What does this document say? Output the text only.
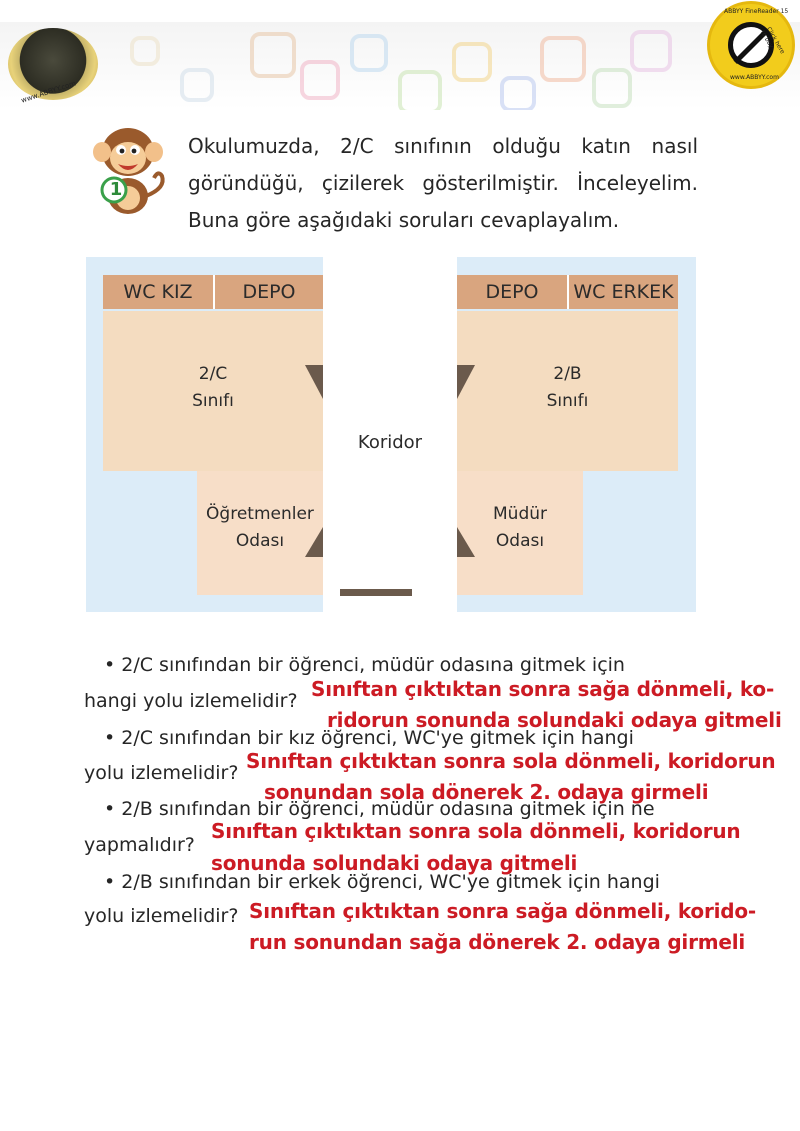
www.ABBYY.com
ABBYY FineReader 15
Click here to buy
www.ABBYY.com
1
Okulumuzda, 2/C sınıfının olduğu katın nasıl göründüğü, çizilerek gösterilmiştir. İnceleyelim. Buna göre aşağıdaki soruları cevaplayalım.
WC KIZ	DEPO	DEPO	WC ERKEK
2/C
Sınıfı
2/B
Sınıfı
Koridor
Öğretmenler
Odası
Müdür
Odası
• 2/C sınıfından bir öğrenci, müdür odasına gitmek için
hangi yolu izlemelidir? Sınıftan çıktıktan sonra sağa dönmeli, ko-
ridorun sonunda solundaki odaya gitmeli
• 2/C sınıfından bir kız öğrenci, WC'ye gitmek için hangi
yolu izlemelidir? Sınıftan çıktıktan sonra sola dönmeli, koridorun
sonundan sola dönerek 2. odaya girmeli
• 2/B sınıfından bir öğrenci, müdür odasına gitmek için ne
yapmalıdır?
Sınıftan çıktıktan sonra sola dönmeli, koridorun
sonunda solundaki odaya gitmeli
• 2/B sınıfından bir erkek öğrenci, WC'ye gitmek için hangi
yolu izlemelidir? Sınıftan çıktıktan sonra sağa dönmeli, korido-
run sonundan sağa dönerek 2. odaya girmeli
